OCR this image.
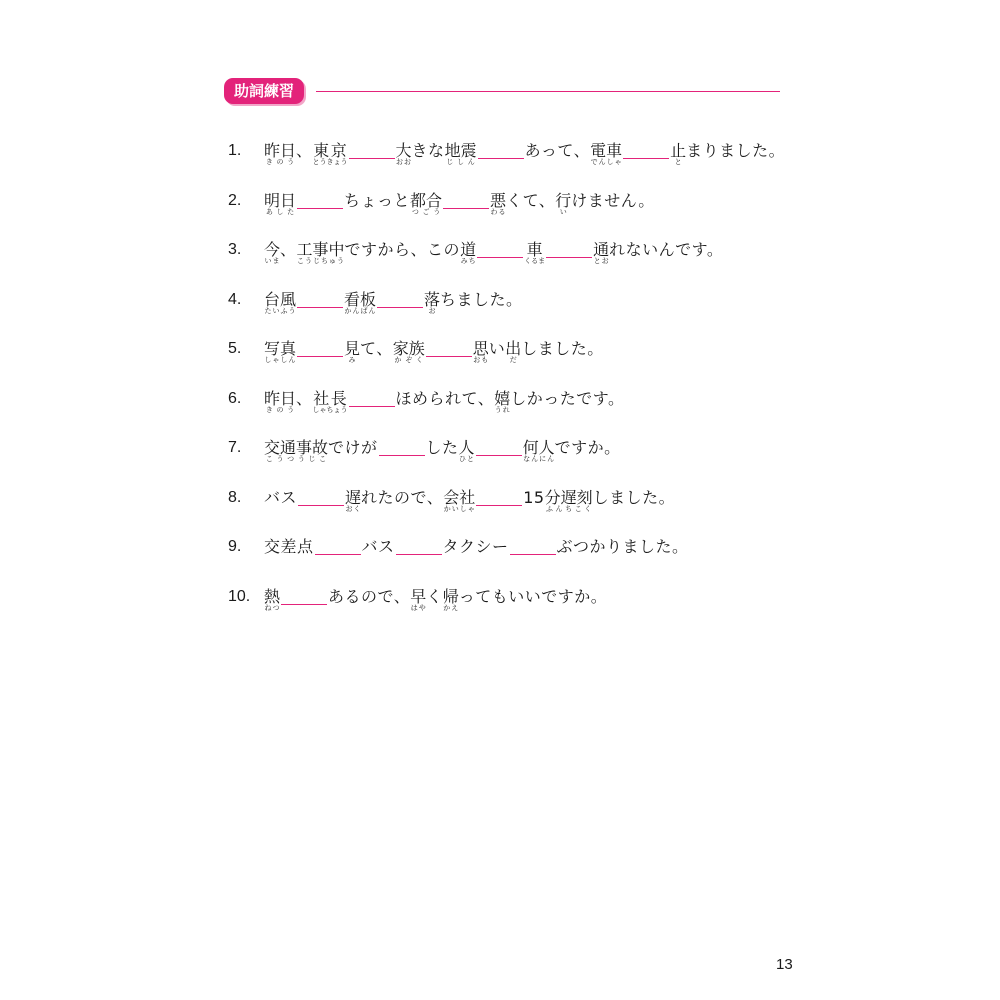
助詞練習
1.	昨日きのう
、 東京とうきょう
大おお
きな 地震じしん
あって、 電車でんしゃ
止と
まりました。
2.	明日あした
ちょっと 都合つごう
悪わる
くて、 行い
けません。
3.	今いま
、 工事中こうじちゅう
ですから、この 道みち
車くるま
通とお
れないんです。
4.	台風たいふう
看板かんばん
落お
ちました。
5.	写真しゃしん
見み
て、 家族かぞく
思おも
い 出だ
しました。
6.	昨日きのう
、 社長しゃちょう
ほめられて、 嬉うれ
しかったです。
7.	交通事故こうつうじこ
でけが	した 人ひと
何人なんにん
ですか。
8.	バス	遅おく
れたので、 会社かいしゃ
15 分遅刻ふんちこく
しました。
9.	交差点	バス	タクシー	ぶつかりました。
10. 熱ねつ
あるので、 早はや
く 帰かえ
ってもいいですか。
13
